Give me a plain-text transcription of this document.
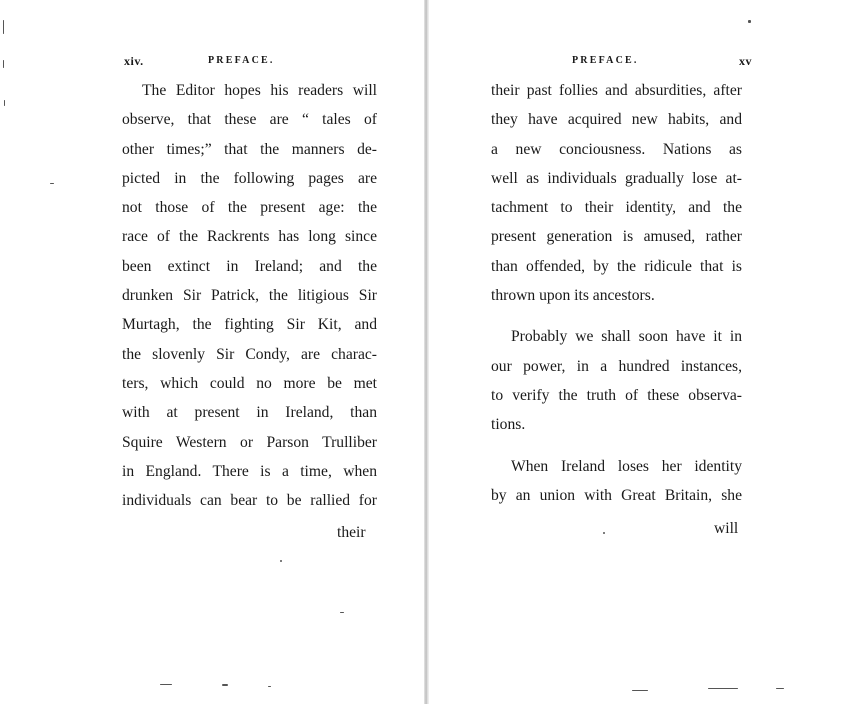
xiv.	PREFACE.
The Editor hopes his readers will
observe, that these are “ tales of
other times;” that the manners de-
picted in the following pages are
not those of the present age: the
race of the Rackrents has long since
been extinct in Ireland; and the
drunken Sir Patrick, the litigious Sir
Murtagh, the fighting Sir Kit, and
the slovenly Sir Condy, are charac-
ters, which could no more be met
with at present in Ireland, than
Squire Western or Parson Trulliber
in England. There is a time, when
individuals can bear to be rallied for
their
PREFACE.	xv
their past follies and absurdities, after
they have acquired new habits, and
a new conciousness. Nations as
well as individuals gradually lose at-
tachment to their identity, and the
present generation is amused, rather
than offended, by the ridicule that is
thrown upon its ancestors.
Probably we shall soon have it in
our power, in a hundred instances,
to verify the truth of these observa-
tions.
When Ireland loses her identity
by an union with Great Britain, she
will
